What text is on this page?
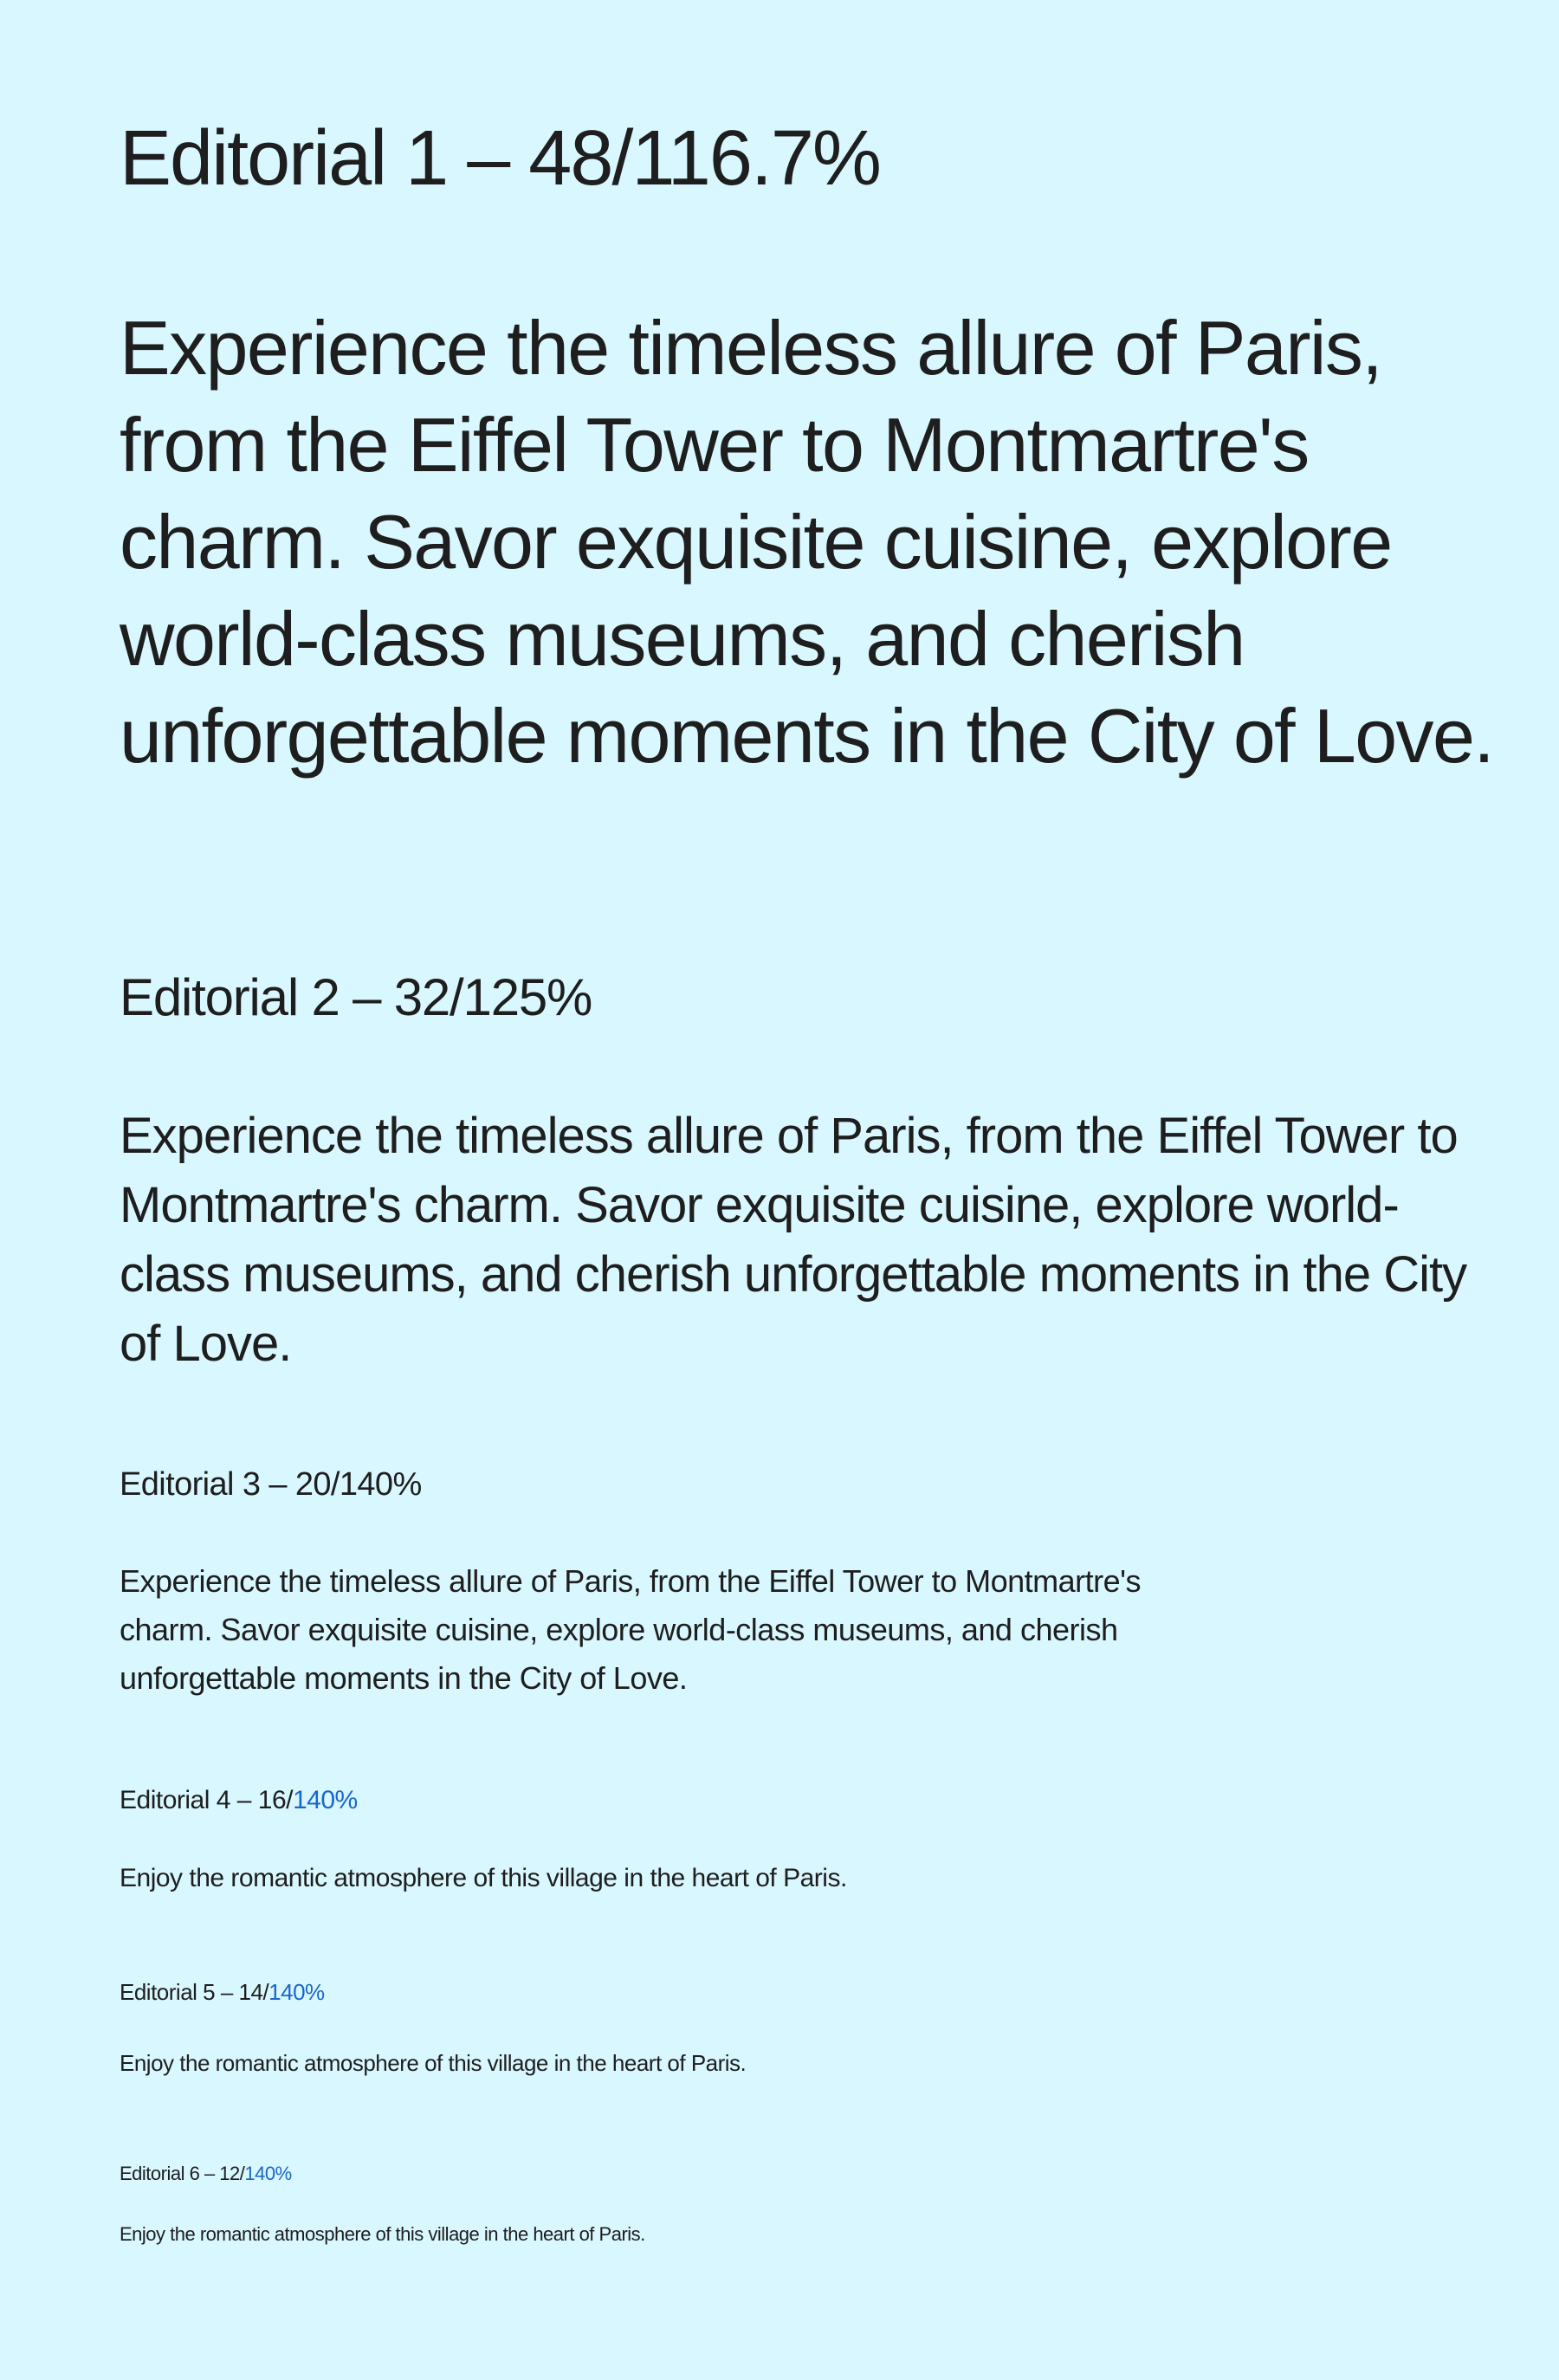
Editorial 1 – 48/116.7%

Experience the timeless allure of Paris, from the Eiffel Tower to Montmartre's charm. Savor exquisite cuisine, explore world-class museums, and cherish unforgettable moments in the City of Love.

Editorial 2 – 32/125%

Experience the timeless allure of Paris, from the Eiffel Tower to Montmartre's charm. Savor exquisite cuisine, explore world-class museums, and cherish unforgettable moments in the City of Love.

Editorial 3 – 20/140%

Experience the timeless allure of Paris, from the Eiffel Tower to Montmartre's charm. Savor exquisite cuisine, explore world-class museums, and cherish unforgettable moments in the City of Love.

Editorial 4 – 16/140%

Enjoy the romantic atmosphere of this village in the heart of Paris.

Editorial 5 – 14/140%

Enjoy the romantic atmosphere of this village in the heart of Paris.

Editorial 6 – 12/140%

Enjoy the romantic atmosphere of this village in the heart of Paris.
